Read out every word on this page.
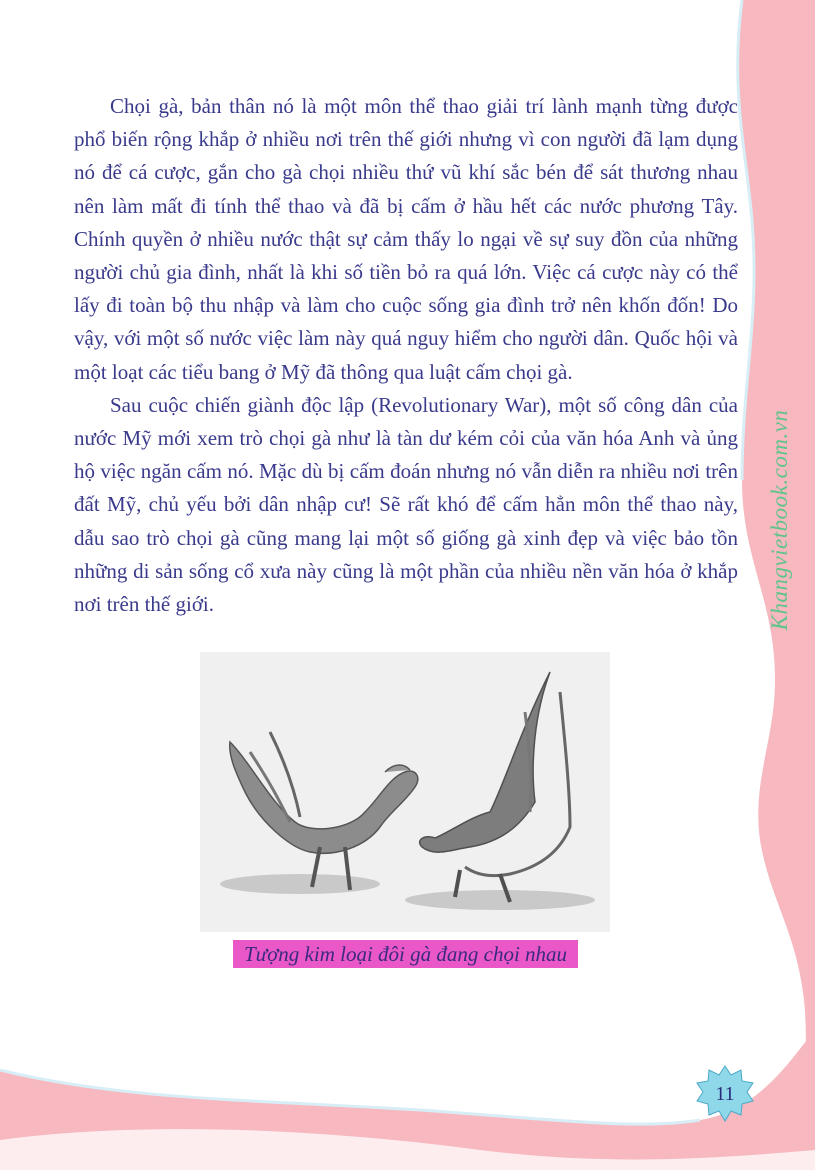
Chọi gà, bản thân nó là một môn thể thao giải trí lành mạnh từng được phổ biến rộng khắp ở nhiều nơi trên thế giới nhưng vì con người đã lạm dụng nó để cá cược, gắn cho gà chọi nhiều thứ vũ khí sắc bén để sát thương nhau nên làm mất đi tính thể thao và đã bị cấm ở hầu hết các nước phương Tây. Chính quyền ở nhiều nước thật sự cảm thấy lo ngại về sự suy đồn của những người chủ gia đình, nhất là khi số tiền bỏ ra quá lớn. Việc cá cược này có thể lấy đi toàn bộ thu nhập và làm cho cuộc sống gia đình trở nên khốn đốn! Do vậy, với một số nước việc làm này quá nguy hiểm cho người dân. Quốc hội và một loạt các tiểu bang ở Mỹ đã thông qua luật cấm chọi gà.

Sau cuộc chiến giành độc lập (Revolutionary War), một số công dân của nước Mỹ mới xem trò chọi gà như là tàn dư kém cỏi của văn hóa Anh và ủng hộ việc ngăn cấm nó. Mặc dù bị cấm đoán nhưng nó vẫn diễn ra nhiều nơi trên đất Mỹ, chủ yếu bởi dân nhập cư! Sẽ rất khó để cấm hẳn môn thể thao này, dẫu sao trò chọi gà cũng mang lại một số giống gà xinh đẹp và việc bảo tồn những di sản sống cổ xưa này cũng là một phần của nhiều nền văn hóa ở khắp nơi trên thế giới.

Tượng kim loại đôi gà đang chọi nhau
Khangvietbook.com.vn
11
